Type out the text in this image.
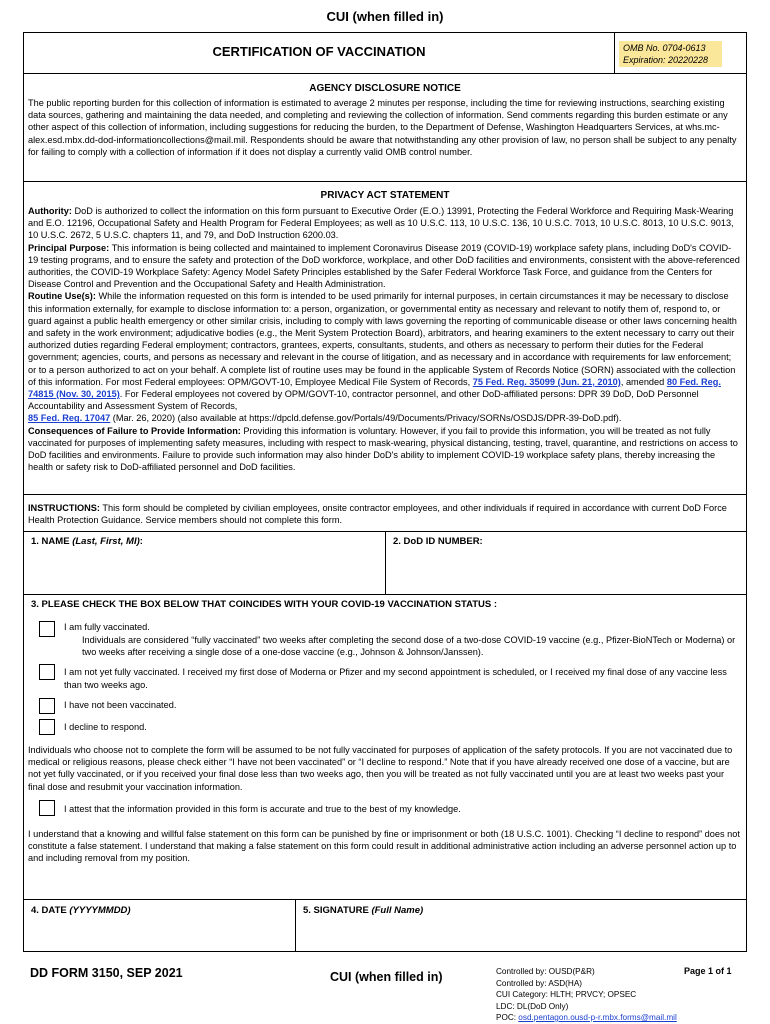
CUI (when filled in)
CERTIFICATION OF VACCINATION	OMB No. 0704-0613
Expiration: 20220228
AGENCY DISCLOSURE NOTICE
The public reporting burden for this collection of information is estimated to average 2 minutes per response, including the time for reviewing instructions, searching existing data sources, gathering and maintaining the data needed, and completing and reviewing the collection of information. Send comments regarding this burden estimate or any other aspect of this collection of information, including suggestions for reducing the burden, to the Department of Defense, Washington Headquarters Services, at whs.mc-alex.esd.mbx.dd-dod-informationcollections@mail.mil. Respondents should be aware that notwithstanding any other provision of law, no person shall be subject to any penalty for failing to comply with a collection of information if it does not display a currently valid OMB control number.
PRIVACY ACT STATEMENT
Authority: DoD is authorized to collect the information on this form pursuant to Executive Order (E.O.) 13991, Protecting the Federal Workforce and Requiring Mask-Wearing and E.O. 12196, Occupational Safety and Health Program for Federal Employees; as well as 10 U.S.C. 113, 10 U.S.C. 136, 10 U.S.C. 7013, 10 U.S.C. 8013, 10 U.S.C. 9013, 10 U.S.C. 2672, 5 U.S.C. chapters 11, and 79, and DoD Instruction 6200.03.
Principal Purpose: This information is being collected and maintained to implement Coronavirus Disease 2019 (COVID-19) workplace safety plans, including DoD's COVID-19 testing programs, and to ensure the safety and protection of the DoD workforce, workplace, and other DoD facilities and environments, consistent with the above-referenced authorities, the COVID-19 Workplace Safety: Agency Model Safety Principles established by the Safer Federal Workforce Task Force, and guidance from the Centers for Disease Control and Prevention and the Occupational Safety and Health Administration.
Routine Use(s): While the information requested on this form is intended to be used primarily for internal purposes, in certain circumstances it may be necessary to disclose this information externally, for example to disclose information to: a person, organization, or governmental entity as necessary and relevant to notify them of, respond to, or guard against a public health emergency or other similar crisis, including to comply with laws governing the reporting of communicable disease or other laws concerning health and safety in the work environment; adjudicative bodies (e.g., the Merit System Protection Board), arbitrators, and hearing examiners to the extent necessary to carry out their authorized duties regarding Federal employment; contractors, grantees, experts, consultants, students, and others as necessary to perform their duties for the Federal government; agencies, courts, and persons as necessary and relevant in the course of litigation, and as necessary and in accordance with requirements for law enforcement; or to a person authorized to act on your behalf. A complete list of routine uses may be found in the applicable System of Records Notice (SORN) associated with the collection of this information. For most Federal employees: OPM/GOVT-10, Employee Medical File System of Records, 75 Fed. Reg. 35099 (Jun. 21, 2010), amended 80 Fed. Reg. 74815 (Nov. 30, 2015). For Federal employees not covered by OPM/GOVT-10, contractor personnel, and other DoD-affiliated persons: DPR 39 DoD, DoD Personnel Accountability and Assessment System of Records,
85 Fed. Reg. 17047 (Mar. 26, 2020) (also available at https://dpcld.defense.gov/Portals/49/Documents/Privacy/SORNs/OSDJS/DPR-39-DoD.pdf).
Consequences of Failure to Provide Information: Providing this information is voluntary. However, if you fail to provide this information, you will be treated as not fully vaccinated for purposes of implementing safety measures, including with respect to mask-wearing, physical distancing, testing, travel, quarantine, and restrictions on access to DoD facilities and environments. Failure to provide such information may also hinder DoD's ability to implement COVID-19 workplace safety plans, thereby increasing the health or safety risk to DoD-affiliated personnel and DoD facilities.
INSTRUCTIONS: This form should be completed by civilian employees, onsite contractor employees, and other individuals if required in accordance with current DoD Force Health Protection Guidance. Service members should not complete this form.
1. NAME (Last, First, MI):	2. DoD ID NUMBER:
3. PLEASE CHECK THE BOX BELOW THAT COINCIDES WITH YOUR COVID-19 VACCINATION STATUS :
I am fully vaccinated.
Individuals are considered “fully vaccinated” two weeks after completing the second dose of a two-dose COVID-19 vaccine (e.g., Pfizer-BioNTech or Moderna) or two weeks after receiving a single dose of a one-dose vaccine (e.g., Johnson & Johnson/Janssen).
I am not yet fully vaccinated. I received my first dose of Moderna or Pfizer and my second appointment is scheduled, or I received my final dose of any vaccine less than two weeks ago.
I have not been vaccinated.
I decline to respond.
Individuals who choose not to complete the form will be assumed to be not fully vaccinated for purposes of application of the safety protocols. If you are not vaccinated due to medical or religious reasons, please check either “I have not been vaccinated” or “I decline to respond.” Note that if you have already received one dose of a vaccine, but are not yet fully vaccinated, or if you received your final dose less than two weeks ago, then you will be treated as not fully vaccinated until you are at least two weeks past your final dose and resubmit your vaccination information.
I attest that the information provided in this form is accurate and true to the best of my knowledge.
I understand that a knowing and willful false statement on this form can be punished by fine or imprisonment or both (18 U.S.C. 1001). Checking “I decline to respond” does not constitute a false statement. I understand that making a false statement on this form could result in additional administrative action including an adverse personnel action up to and including removal from my position.
4. DATE (YYYYMMDD)	5. SIGNATURE (Full Name)
DD FORM 3150, SEP 2021	CUI (when filled in)	Controlled by: OUSD(P&R)
Controlled by: ASD(HA)
CUI Category: HLTH; PRVCY; OPSEC
LDC: DL(DoD Only)
POC: osd.pentagon.ousd-p-r.mbx.forms@mail.mil
Page 1 of 1
